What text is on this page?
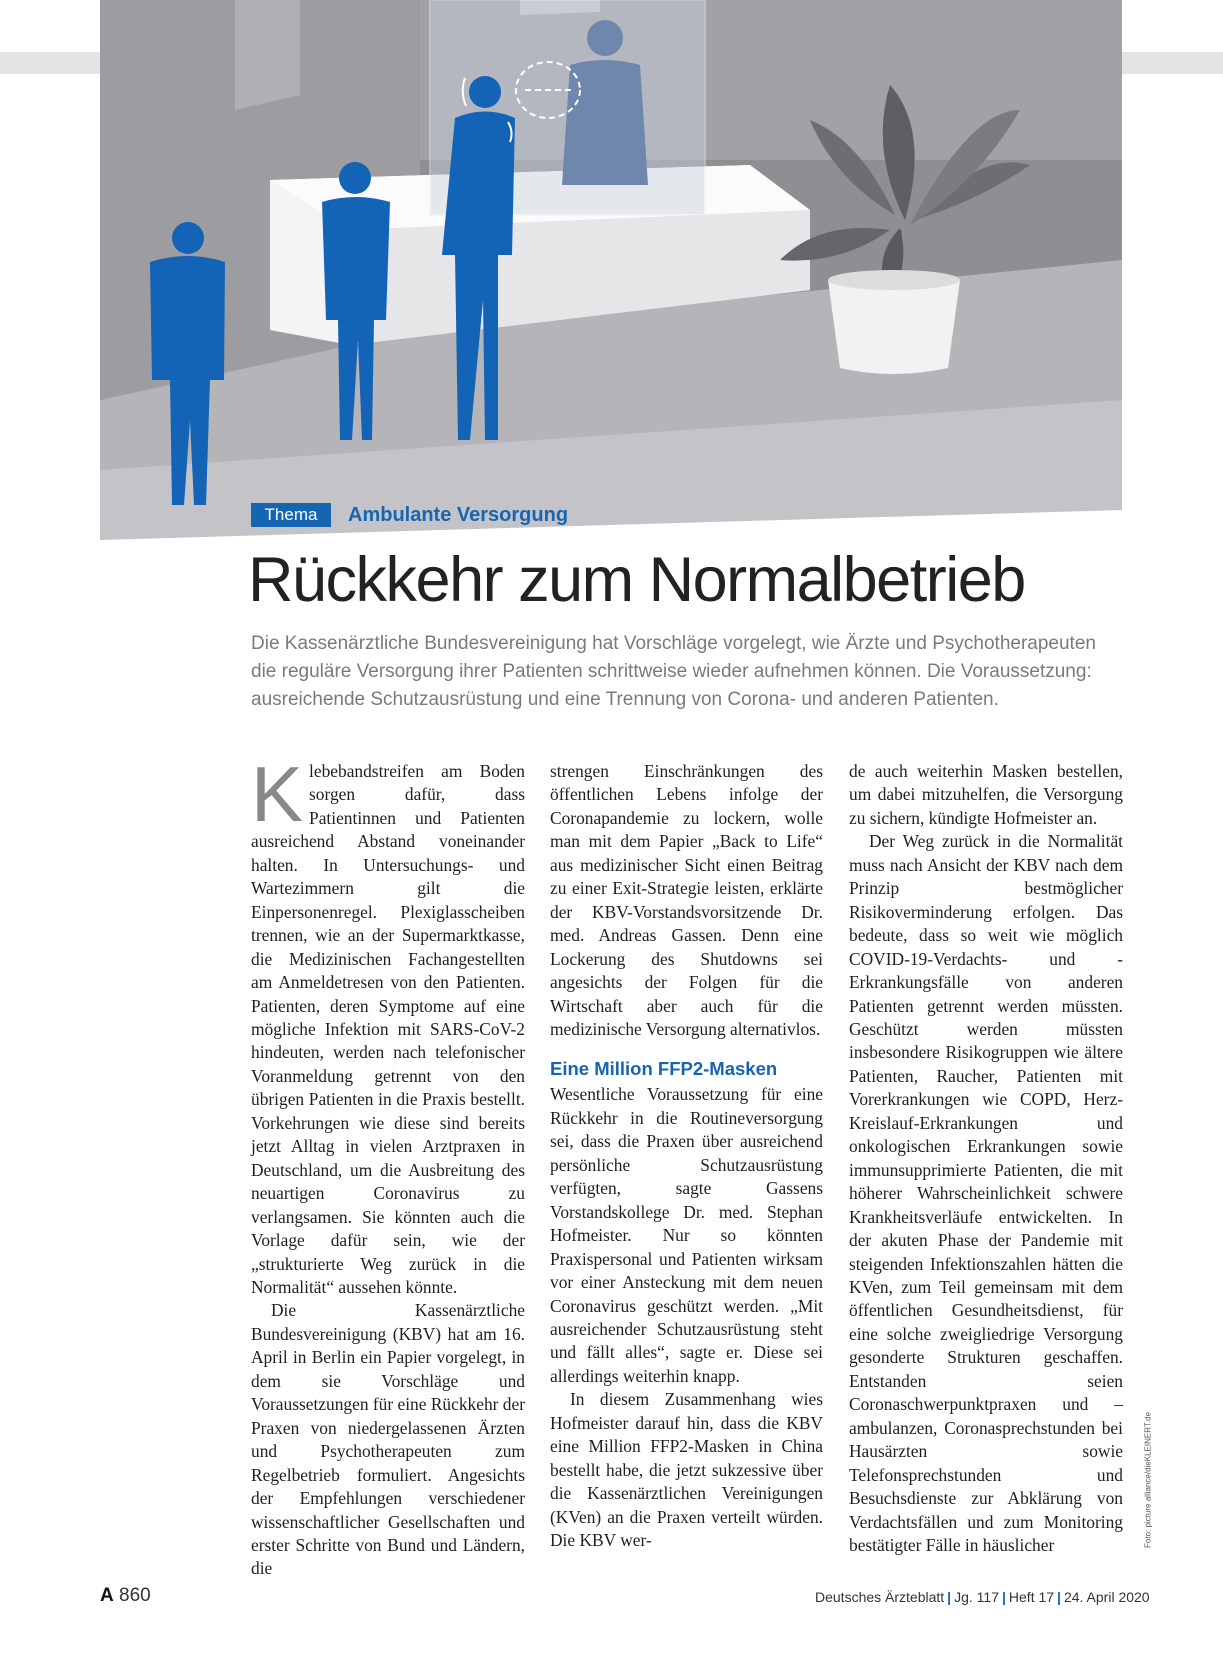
Thema	Ambulante Versorgung
Rückkehr zum Normalbetrieb
Die Kassenärztliche Bundesvereinigung hat Vorschläge vorgelegt, wie Ärzte und Psychotherapeuten die reguläre Versorgung ihrer Patienten schrittweise wieder aufnehmen können. Die Voraussetzung: ausreichende Schutzausrüstung und eine Trennung von Corona- und anderen Patienten.

Klebebandstreifen am Boden sorgen dafür, dass Patientinnen und Patienten ausreichend Abstand voneinander halten. In Untersuchungs- und Wartezimmern gilt die Einpersonenregel. Plexiglasscheiben trennen, wie an der Supermarktkasse, die Medizinischen Fachangestellten am Anmeldetresen von den Patienten. Patienten, deren Symptome auf eine mögliche Infektion mit SARS-CoV-2 hindeuten, werden nach telefonischer Voranmeldung getrennt von den übrigen Patienten in die Praxis bestellt. Vorkehrungen wie diese sind bereits jetzt Alltag in vielen Arztpraxen in Deutschland, um die Ausbreitung des neuartigen Coronavirus zu verlangsamen. Sie könnten auch die Vorlage dafür sein, wie der „strukturierte Weg zurück in die Normalität“ aussehen könnte.

Die Kassenärztliche Bundesvereinigung (KBV) hat am 16. April in Berlin ein Papier vorgelegt, in dem sie Vorschläge und Voraussetzungen für eine Rückkehr der Praxen von niedergelassenen Ärzten und Psychotherapeuten zum Regelbetrieb formuliert. Angesichts der Empfehlungen verschiedener wissenschaftlicher Gesellschaften und erster Schritte von Bund und Ländern, die

strengen Einschränkungen des öffentlichen Lebens infolge der Coronapandemie zu lockern, wolle man mit dem Papier „Back to Life“ aus medizinischer Sicht einen Beitrag zu einer Exit-Strategie leisten, erklärte der KBV-Vorstandsvorsitzende Dr. med. Andreas Gassen. Denn eine Lockerung des Shutdowns sei angesichts der Folgen für die Wirtschaft aber auch für die medizinische Versorgung alternativlos.

Eine Million FFP2-Masken

Wesentliche Voraussetzung für eine Rückkehr in die Routineversorgung sei, dass die Praxen über ausreichend persönliche Schutzausrüstung verfügten, sagte Gassens Vorstandskollege Dr. med. Stephan Hofmeister. Nur so könnten Praxispersonal und Patienten wirksam vor einer Ansteckung mit dem neuen Coronavirus geschützt werden. „Mit ausreichender Schutzausrüstung steht und fällt alles“, sagte er. Diese sei allerdings weiterhin knapp.

In diesem Zusammenhang wies Hofmeister darauf hin, dass die KBV eine Million FFP2-Masken in China bestellt habe, die jetzt sukzessive über die Kassenärztlichen Vereinigungen (KVen) an die Praxen verteilt würden. Die KBV wer-

de auch weiterhin Masken bestellen, um dabei mitzuhelfen, die Versorgung zu sichern, kündigte Hofmeister an.

Der Weg zurück in die Normalität muss nach Ansicht der KBV nach dem Prinzip bestmöglicher Risikoverminderung erfolgen. Das bedeute, dass so weit wie möglich COVID-19-Verdachts- und -Erkrankungsfälle von anderen Patienten getrennt werden müssten. Geschützt werden müssten insbesondere Risikogruppen wie ältere Patienten, Raucher, Patienten mit Vorerkrankungen wie COPD, Herz-Kreislauf-Erkrankungen und onkologischen Erkrankungen sowie immunsupprimierte Patienten, die mit höherer Wahrscheinlichkeit schwere Krankheitsverläufe entwickelten. In der akuten Phase der Pandemie mit steigenden Infektionszahlen hätten die KVen, zum Teil gemeinsam mit dem öffentlichen Gesundheitsdienst, für eine solche zweigliedrige Versorgung gesonderte Strukturen geschaffen. Entstanden seien Coronaschwerpunktpraxen und – ambulanzen, Coronasprechstunden bei Hausärzten sowie Telefonsprechstunden und Besuchsdienste zur Abklärung von Verdachtsfällen und zum Monitoring bestätigter Fälle in häuslicher	Foto: picture alliance/dieKLEINERT.de
A 860	Deutsches Ärzteblatt | Jg. 117 | Heft 17 | 24. April 2020
